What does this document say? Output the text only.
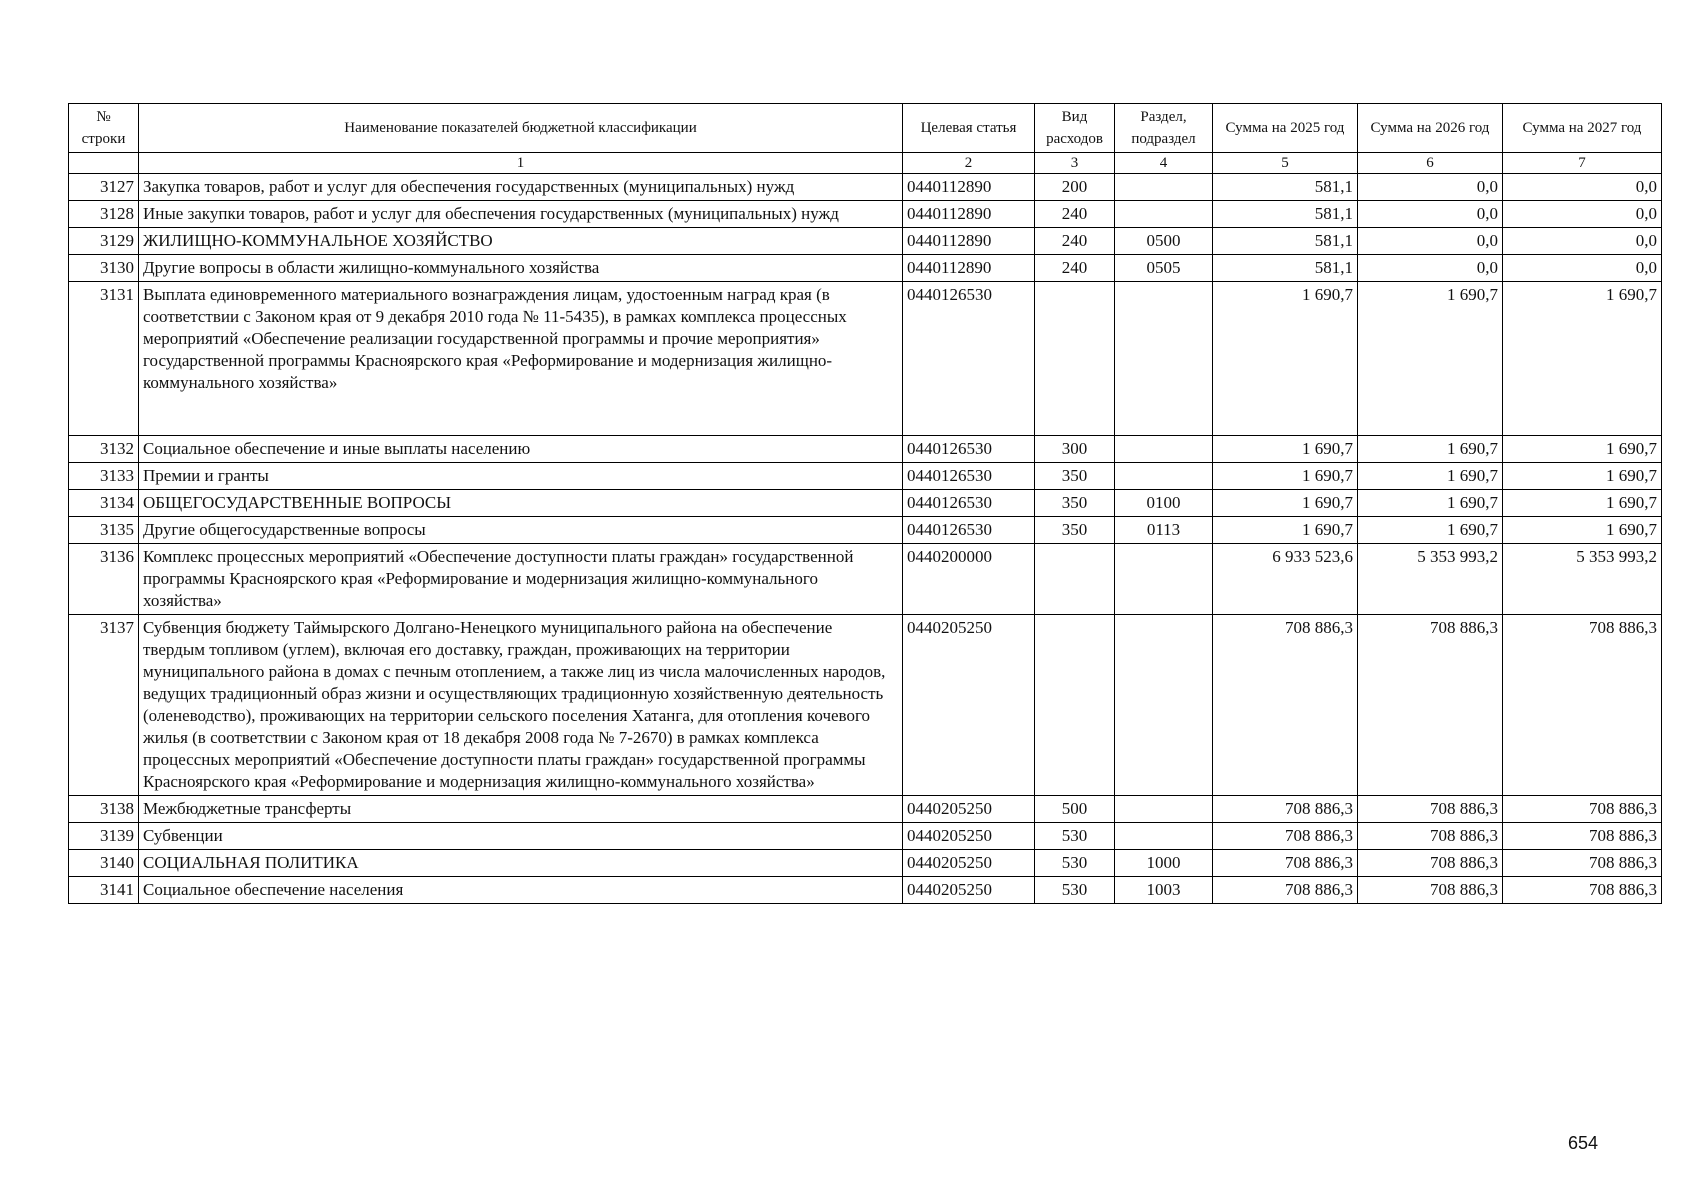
№ строки	Наименование показателей бюджетной классификации	Целевая статья	Вид расходов	Раздел, подраздел	Сумма на 2025 год	Сумма на 2026 год	Сумма на 2027 год
	1	2	3	4	5	6	7
3127	Закупка товаров, работ и услуг для обеспечения государственных (муниципальных) нужд	0440112890	200		581,1	0,0	0,0
3128	Иные закупки товаров, работ и услуг для обеспечения государственных (муниципальных) нужд	0440112890	240		581,1	0,0	0,0
3129	ЖИЛИЩНО-КОММУНАЛЬНОЕ ХОЗЯЙСТВО	0440112890	240	0500	581,1	0,0	0,0
3130	Другие вопросы в области жилищно-коммунального хозяйства	0440112890	240	0505	581,1	0,0	0,0
3131	Выплата единовременного материального вознаграждения лицам, удостоенным наград края (в соответствии с Законом края от 9 декабря 2010 года № 11-5435), в рамках комплекса процессных мероприятий «Обеспечение реализации государственной программы и прочие мероприятия» государственной программы Красноярского края «Реформирование и модернизация жилищно-коммунального хозяйства»	0440126530			1 690,7	1 690,7	1 690,7
3132	Социальное обеспечение и иные выплаты населению	0440126530	300		1 690,7	1 690,7	1 690,7
3133	Премии и гранты	0440126530	350		1 690,7	1 690,7	1 690,7
3134	ОБЩЕГОСУДАРСТВЕННЫЕ ВОПРОСЫ	0440126530	350	0100	1 690,7	1 690,7	1 690,7
3135	Другие общегосударственные вопросы	0440126530	350	0113	1 690,7	1 690,7	1 690,7
3136	Комплекс процессных мероприятий «Обеспечение доступности платы граждан» государственной программы Красноярского края «Реформирование и модернизация жилищно-коммунального хозяйства»	0440200000			6 933 523,6	5 353 993,2	5 353 993,2
3137	Субвенция бюджету Таймырского Долгано-Ненецкого муниципального района на обеспечение твердым топливом (углем), включая его доставку, граждан, проживающих на территории муниципального района в домах с печным отоплением, а также лиц из числа малочисленных народов, ведущих традиционный образ жизни и осуществляющих традиционную хозяйственную деятельность (оленеводство), проживающих на территории сельского поселения Хатанга, для отопления кочевого жилья (в соответствии с Законом края от 18 декабря 2008 года № 7-2670) в рамках комплекса процессных мероприятий «Обеспечение доступности платы граждан» государственной программы Красноярского края «Реформирование и модернизация жилищно-коммунального хозяйства»	0440205250			708 886,3	708 886,3	708 886,3
3138	Межбюджетные трансферты	0440205250	500		708 886,3	708 886,3	708 886,3
3139	Субвенции	0440205250	530		708 886,3	708 886,3	708 886,3
3140	СОЦИАЛЬНАЯ ПОЛИТИКА	0440205250	530	1000	708 886,3	708 886,3	708 886,3
3141	Социальное обеспечение населения	0440205250	530	1003	708 886,3	708 886,3	708 886,3
654
